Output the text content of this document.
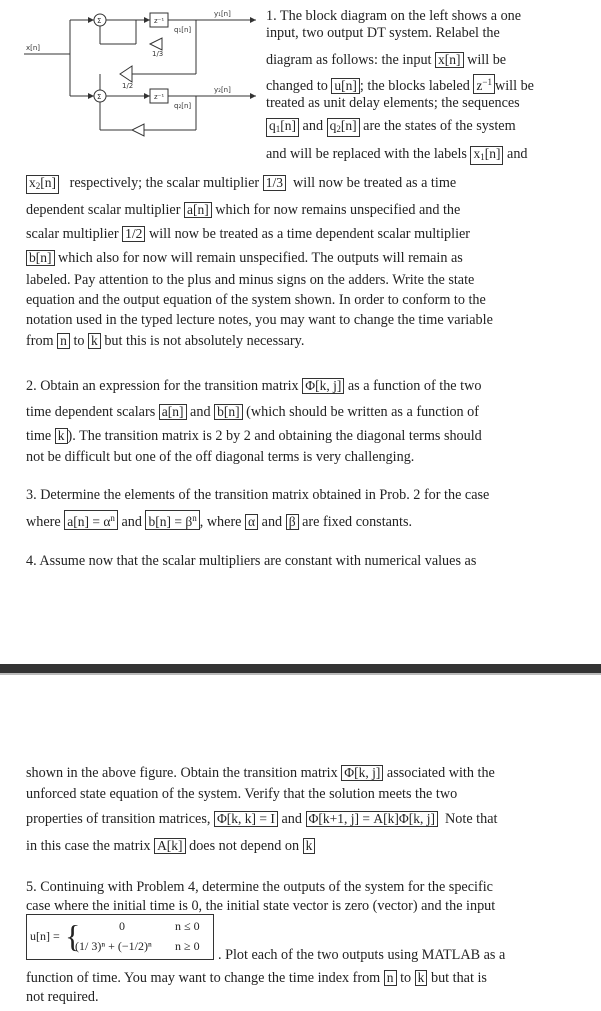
Σ
Σ
z⁻¹
z⁻¹
x[n]
y₁[n]
y₂[n]
q₁[n]
q₂[n]
1/3
1/2
1. The block diagram on the left shows a one
input, two output DT system. Relabel the
diagram as follows: the input x[n] will be
changed to u[n] ; the blocks labeled $z^{-1}$ will be
treated as unit delay elements; the sequences
$q_1[n]$ and $q_2[n]$ are the states of the system
and will be replaced with the labels $x_1[n]$ and
$x_2[n]$ respectively; the scalar multiplier 1/3 will now be treated as a time
dependent scalar multiplier a[n] which for now remains unspecified and the
scalar multiplier 1/2 will now be treated as a time dependent scalar multiplier
b[n] which also for now will remain unspecified. The outputs will remain as
labeled. Pay attention to the plus and minus signs on the adders. Write the state
equation and the output equation of the system shown. In order to conform to the
notation used in the typed lecture notes, you may want to change the time variable
from n to k but this is not absolutely necessary.
2. Obtain an expression for the transition matrix Φ[k, j] as a function of the two
time dependent scalars a[n] and b[n] (which should be written as a function of
time k ). The transition matrix is 2 by 2 and obtaining the diagonal terms should
not be difficult but one of the off diagonal terms is very challenging.
3. Determine the elements of the transition matrix obtained in Prob. 2 for the case
where $a[n] = \alpha^n$ and $b[n] = \beta^n$ , where α and β are fixed constants.
4. Assume now that the scalar multipliers are constant with numerical values as
shown in the above figure. Obtain the transition matrix Φ[k, j] associated with the
unforced state equation of the system. Verify that the solution meets the two
properties of transition matrices, Φ[k, k] = I and Φ[k+1, j] = A[k]Φ[k, j] Note that
in this case the matrix A[k] does not depend on k
5. Continuing with Problem 4, determine the outputs of the system for the specific
case where the initial time is 0, the initial state vector is zero (vector) and the input
u[n] = {	0	n ≤ 0
(1/ 3)ⁿ + (−1/2)ⁿ n ≥ 0
. Plot each of the two outputs using MATLAB as a
function of time. You may want to change the time index from n to k but that is
not required.
